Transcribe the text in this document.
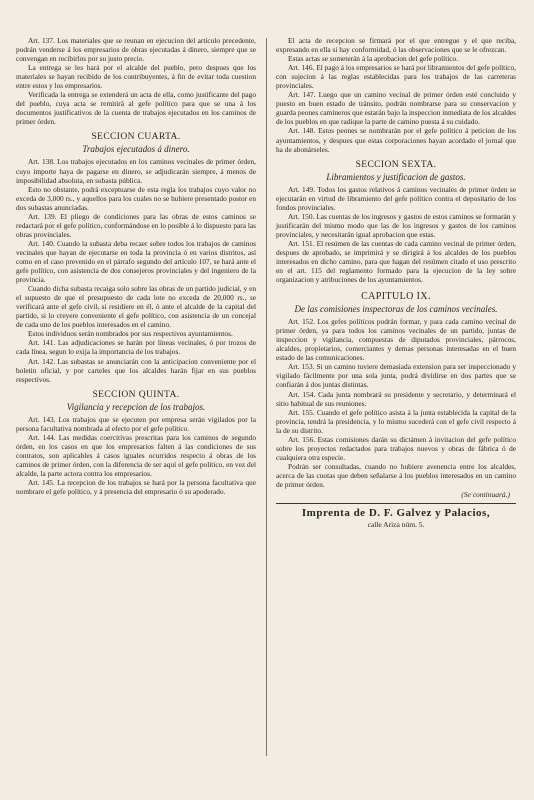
Art. 137. Los materiales que se reunan en ejecucion del artículo precedente, podrán venderse á los empresarios de obras ejecutadas á dinero, siempre que se convengan en recibirlos por su justo precio.

La entrega se les hará por el alcalde del pueblo, pero despues que los materiales se hayan recibido de los contribuyentes, á fin de evitar toda cuestion entre estos y los empresarios.

Verificada la entrega se extenderá un acta de ella, como justificante del pago del pueblo, cuya acta se remitirá al gefe político para que se una á los documentos justificativos de la cuenta de trabajos ejecutados en los caminos de primer órden.

SECCION CUARTA.
Trabajos ejecutados á dinero.

Art. 138. Los trabajos ejecutados en los caminos vecinales de primer órden, cuyo importe haya de pagarse en dinero, se adjudicarán siempre, á menos de imposibilidad absoluta, en subasta pública.

Esto no obstante, podrá exceptuarse de esta regla los trabajos cuyo valor no exceda de 3,000 rs., y aquellos para los cuales no se hubiere presentado postor en dos subastas anunciadas.

Art. 139. El pliego de condiciones para las obras de estos caminos se redactará por el gefe político, conformándose en lo posible á lo dispuesto para las obras provinciales.

Art. 140. Cuando la subasta deba recaer sobre todos los trabajos de caminos vecinales que hayan de ejecutarse en toda la provincia ó en varios distritos, así como en el caso prevenido en el párrafo segundo del artículo 107, se hará ante el gefe político, con asistencia de dos consejeros provinciales y del ingeniero de la provincia.

Cuando dicha subasta recaiga solo sobre las obras de un partido judicial, y en el supuesto de que el presupuesto de cada lote no exceda de 20,000 rs., se verificará ante el gefe civil, si residiere en él, ó ante el alcalde de la capital del partido, si lo creyere conveniente el gefe político, con asistencia de un concejal de cada uno de los pueblos interesados en el camino.

Estos individuos serán nombrados por sus respectivos ayuntamientos.

Art. 141. Las adjudicaciones se harán por líneas vecinales, ó por trozos de cada línea, segun lo exija la importancia de los trabajos.

Art. 142. Las subastas se anunciarán con la anticipacion conveniente por el boletin oficial, y por carteles que los alcaldes harán fijar en sus pueblos respectivos.

SECCION QUINTA.
Vigilancia y recepcion de los trabajos.

Art. 143. Los trabajos que se ejecuten por empresa serán vigilados por la persona facultativa nombrada al efecto por el gefe político.

Art. 144. Las medidas coercitivas prescritas para los caminos de segundo órden, en los casos en que los empresarios falten á las condiciones de sus contratos, son aplicables á casos iguales ocurridos respecto á obras de los caminos de primer órden, con la diferencia de ser aquí el gefe político, en vez del alcalde, la parte actora contra los empresarios.

Art. 145. La recepcion de los trabajos se hará por la persona facultativa que nombrare el gefe político, y á presencia del empresario ó su apoderado.

El acta de recepcion se firmará por el que entregue y el que reciba, expresando en ella si hay conformidad, ó las observaciones que se le ofrezcan.

Estas actas se someterán á la aprobacion del gefe político.

Art. 146. El pago á los empresarios se hará por libramientos del gefe político, con sujecion á las reglas establecidas para los trabajos de las carreteras provinciales.

Art. 147. Luego que un camino vecinal de primer órden esté concluido y puesto en buen estado de tránsito, podrán nombrarse para su conservacion y guarda peones camineros que estarán bajo la inspeccion inmediata de los alcaldes de los pueblos en que radique la parte de camino puesta á su cuidado.

Art. 148. Estos peones se nombrarán por el gefe político á peticion de los ayuntamientos, y despues que estas corporaciones hayan acordado el jornal que ha de abonárseles.

SECCION SEXTA.
Libramientos y justificacion de gastos.

Art. 149. Todos los gastos relativos á caminos vecinales de primer órden se ejecutarán en virtud de libramiento del gefe político contra el depositario de los fondos provinciales.

Art. 150. Las cuentas de los ingresos y gastos de estos caminos se formarán y justificarán del mismo modo que las de los ingresos y gastos de los caminos provinciales, y necesitarán igual aprobacion que estas.

Art. 151. El resúmen de las cuentas de cada camino vecinal de primer órden, despues de aprobado, se imprimirá y se dirigirá á los alcaldes de los pueblos interesados en dicho camino, para que hagan del resúmen citado el uso prescrito en el art. 115 del reglamento formado para la ejecucion de la ley sobre organizacion y atribuciones de los ayuntamientos.

CAPITULO IX.
De las comisiones inspectoras de los caminos vecinales.

Art. 152. Los gefes políticos podrán formar, y para cada camino vecinal de primer órden, ya para todos los caminos vecinales de un partido, juntas de inspeccion y vigilancia, compuestas de diputados provinciales, párrocos, alcaldes, propietarios, comerciantes y demas personas interesadas en el buen estado de las comunicaciones.

Art. 153. Si un camino tuviere demasiada extension para ser inspeccionado y vigilado fácilmente por una sola junta, podrá dividirse en dos partes que se confiarán á dos juntas distintas.

Art. 154. Cada junta nombrará su presidente y secretario, y determinará el sitio habitual de sus reuniones.

Art. 155. Cuando el gefe político asista á la junta establecida la capital de la provincia, tendrá la presidencia, y lo mismo sucederá con el gefe civil respecto á la de su distrito.

Art. 156. Estas comisiones darán su dictámen á invitacion del gefe político sobre los proyectos redactados para trabajos nuevos y obras de fábrica ó de cualquiera otra especie.

Podrán ser consultadas, cuando no hubiere avenencia entre los alcaldes, acerca de las cuotas que deben señalarse á los pueblos interesados en un camino de primer órden.

(Se continuará.)
Imprenta de D. F. Galvez y Palacios,
calle Ariza núm. 5.
